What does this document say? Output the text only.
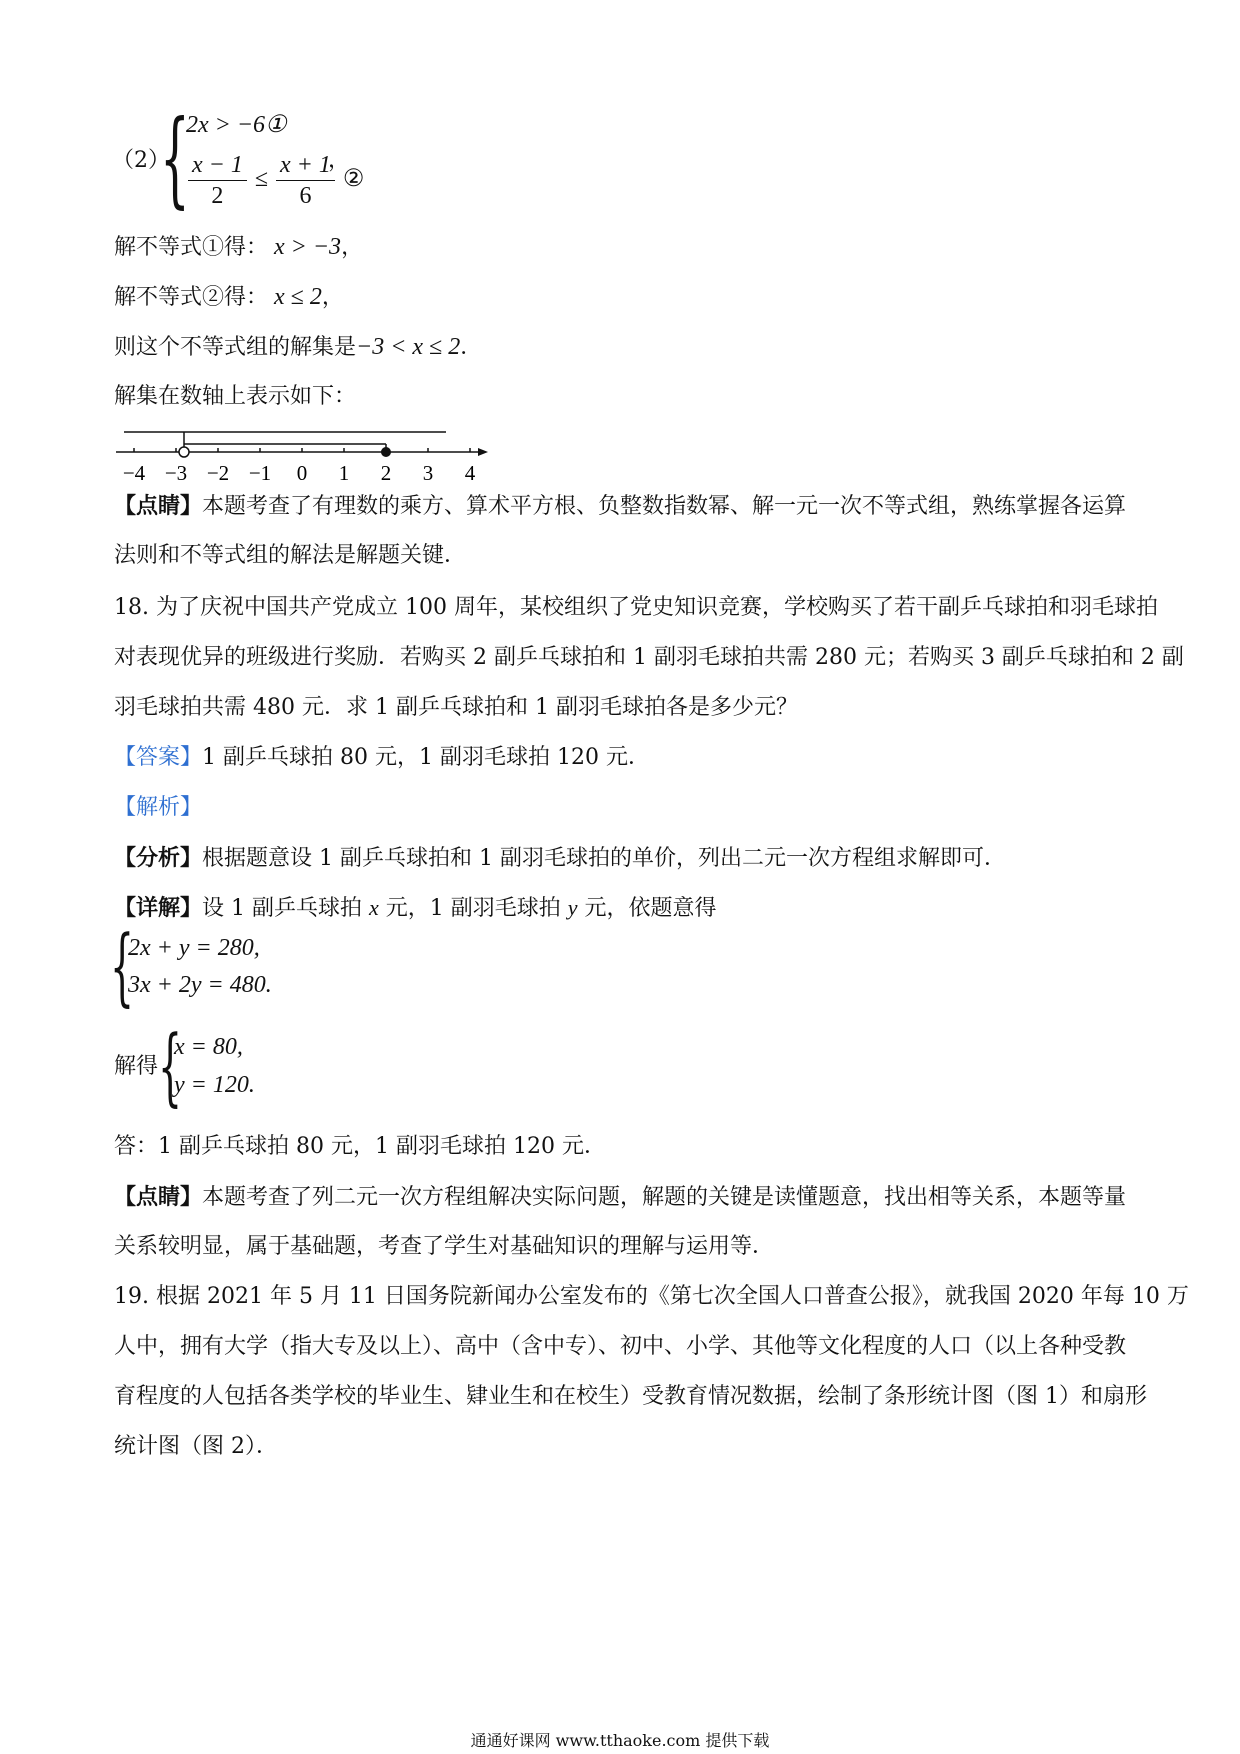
（2）
{
2x > −6①
$\frac{x - 1}{2} \le \frac{x + 1}{6}$ ②
，
解不等式①得： x > −3，
解不等式②得： x ≤ 2，
则这个不等式组的解集是−3 < x ≤ 2．
解集在数轴上表示如下：
−4 −3 −2 −1 0 1 2 3 4
【点睛】本题考查了有理数的乘方、算术平方根、负整数指数幂、解一元一次不等式组，熟练掌握各运算
法则和不等式组的解法是解题关键．
18. 为了庆祝中国共产党成立 100 周年，某校组织了党史知识竞赛，学校购买了若干副乒乓球拍和羽毛球拍
对表现优异的班级进行奖励．若购买 2 副乒乓球拍和 1 副羽毛球拍共需 280 元；若购买 3 副乒乓球拍和 2 副
羽毛球拍共需 480 元．求 1 副乒乓球拍和 1 副羽毛球拍各是多少元？
【答案】1 副乒乓球拍 80 元，1 副羽毛球拍 120 元．
【解析】
【分析】根据题意设 1 副乒乓球拍和 1 副羽毛球拍的单价，列出二元一次方程组求解即可．
【详解】设 1 副乒乓球拍 x 元，1 副羽毛球拍 y 元，依题意得
{
2x + y = 280,
3x + 2y = 480.
解得 {
x = 80,
y = 120.
答：1 副乒乓球拍 80 元，1 副羽毛球拍 120 元．
【点睛】本题考查了列二元一次方程组解决实际问题，解题的关键是读懂题意，找出相等关系，本题等量
关系较明显，属于基础题，考查了学生对基础知识的理解与运用等．
19. 根据 2021 年 5 月 11 日国务院新闻办公室发布的《第七次全国人口普查公报》，就我国 2020 年每 10 万
人中，拥有大学（指大专及以上）、高中（含中专）、初中、小学、其他等文化程度的人口（以上各种受教
育程度的人包括各类学校的毕业生、肄业生和在校生）受教育情况数据，绘制了条形统计图（图 1）和扇形
统计图（图 2）．
通通好课网 www.tthaoke.com 提供下载
